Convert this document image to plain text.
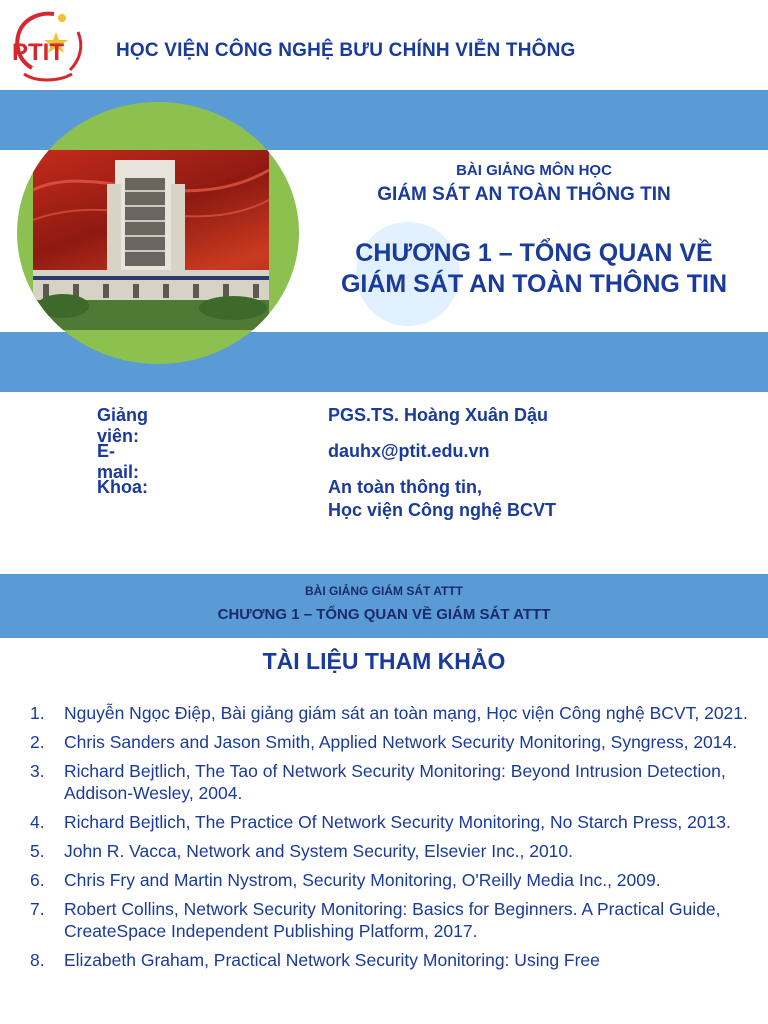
PTIT	HỌC VIỆN CÔNG NGHỆ BƯU CHÍNH VIỄN THÔNG
BÀI GIẢNG MÔN HỌC
GIÁM SÁT AN TOÀN THÔNG TIN
CHƯƠNG 1 – TỔNG QUAN VỀ
GIÁM SÁT AN TOÀN THÔNG TIN
Giảng viên:
PGS.TS. Hoàng Xuân Dậu
E-mail:
dauhx@ptit.edu.vn
Khoa:	An toàn thông tin,
Học viện Công nghệ BCVT
BÀI GIẢNG GIÁM SÁT ATTT
CHƯƠNG 1 – TỔNG QUAN VỀ GIÁM SÁT ATTT
TÀI LIỆU THAM KHẢO
1. Nguyễn Ngọc Điệp, Bài giảng giám sát an toàn mạng, Học viện Công nghệ BCVT, 2021.
2. Chris Sanders and Jason Smith, Applied Network Security Monitoring, Syngress, 2014.
3. Richard Bejtlich, The Tao of Network Security Monitoring: Beyond Intrusion Detection, Addison-Wesley, 2004.
4. Richard Bejtlich, The Practice Of Network Security Monitoring, No Starch Press, 2013.
5. John R. Vacca, Network and System Security, Elsevier Inc., 2010.
6. Chris Fry and Martin Nystrom, Security Monitoring, O'Reilly Media Inc., 2009.
7. Robert Collins, Network Security Monitoring: Basics for Beginners. A Practical Guide, CreateSpace Independent Publishing Platform, 2017.
8. Elizabeth Graham, Practical Network Security Monitoring: Using Free
